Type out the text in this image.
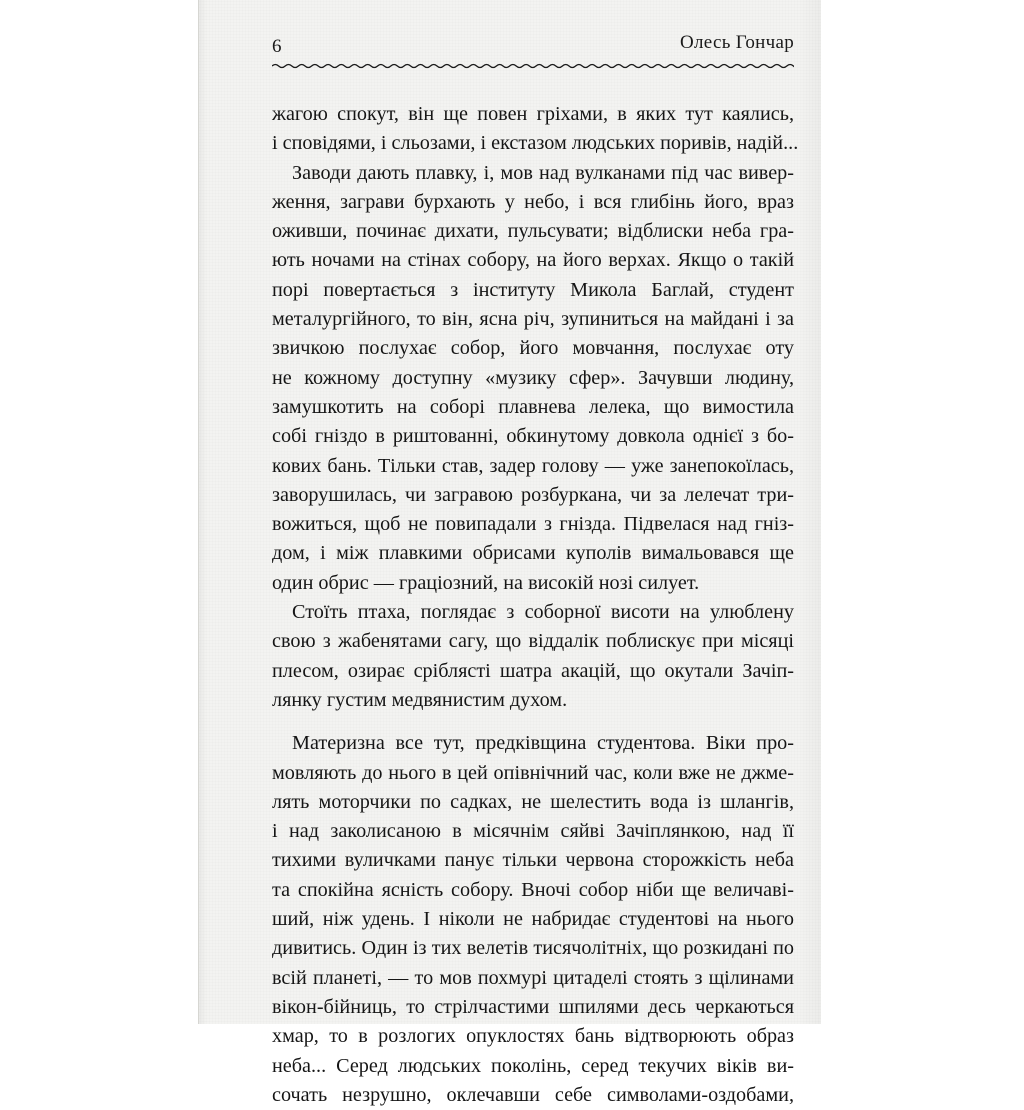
6	Олесь Гончар
жагою спокут, він ще повен гріхами, в яких тут каялись,
і сповідями, і сльозами, і екстазом людських поривів, надій...
Заводи дають плавку, і, мов над вулканами під час вивер-
ження, заграви бурхають у небо, і вся глибінь його, враз
оживши, починає дихати, пульсувати; відблиски неба гра-
ють ночами на стінах собору, на його верхах. Якщо о такій
порі повертається з інституту Микола Баглай, студент
металургійного, то він, ясна річ, зупиниться на майдані і за
звичкою послухає собор, його мовчання, послухає оту
не кожному доступну «музику сфер». Зачувши людину,
замушкотить на соборі плавнева лелека, що вимостила
собі гніздо в риштованні, обкинутому довкола однієї з бо-
кових бань. Тільки став, задер голову — уже занепокоїлась,
заворушилась, чи загравою розбуркана, чи за лелечат три-
вожиться, щоб не повипадали з гнізда. Підвелася над гніз-
дом, і між плавкими обрисами куполів вимальовався ще
один обрис — граціозний, на високій нозі силует.
Стоїть птаха, поглядає з соборної висоти на улюблену
свою з жабенятами сагу, що віддалік поблискує при місяці
плесом, озирає сріблясті шатра акацій, що окутали Зачіп-
лянку густим медвянистим духом.
Материзна все тут, предківщина студентова. Віки про-
мовляють до нього в цей опівнічний час, коли вже не джме-
лять моторчики по садках, не шелестить вода із шлангів,
і над заколисаною в місячнім сяйві Зачіплянкою, над її
тихими вуличками панує тільки червона сторожкість неба
та спокійна ясність собору. Вночі собор ніби ще величаві-
ший, ніж удень. І ніколи не набридає студентові на нього
дивитись. Один із тих велетів тисячолітніх, що розкидані по
всій планеті, — то мов похмурі цитаделі стоять з щілинами
вікон-бійниць, то стрілчастими шпилями десь черкаються
хмар, то в розлогих опуклостях бань відтворюють образ
неба... Серед людських поколінь, серед текучих віків ви-
сочать незрушно, оклечавши себе символами-оздобами,
